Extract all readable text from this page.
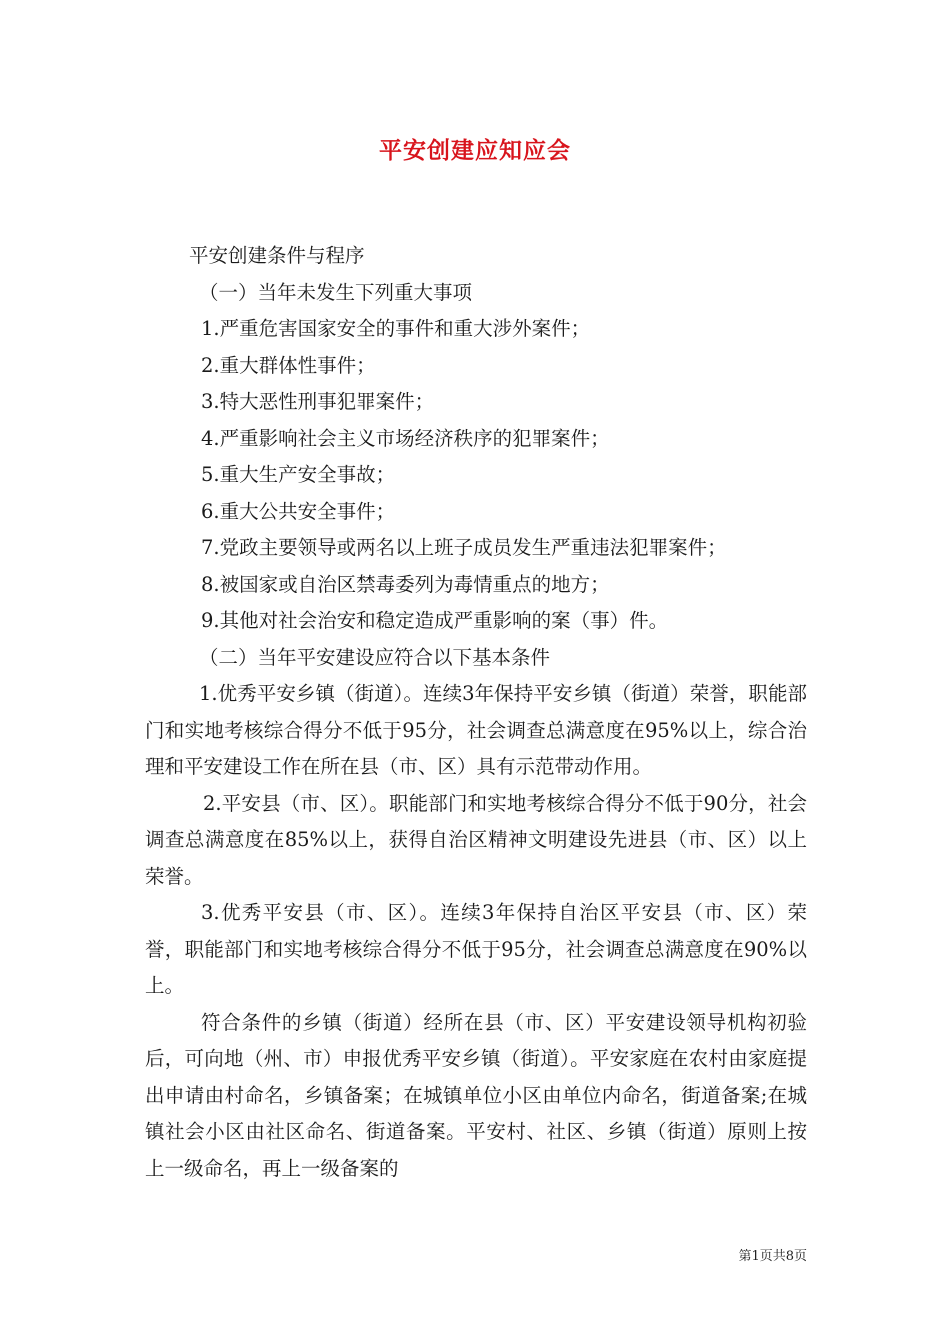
平安创建应知应会

平安创建条件与程序

（一）当年未发生下列重大事项

1.严重危害国家安全的事件和重大涉外案件；

2.重大群体性事件；

3.特大恶性刑事犯罪案件；

4.严重影响社会主义市场经济秩序的犯罪案件；

5.重大生产安全事故；

6.重大公共安全事件；

7.党政主要领导或两名以上班子成员发生严重违法犯罪案件；

8.被国家或自治区禁毒委列为毒情重点的地方；

9.其他对社会治安和稳定造成严重影响的案（事）件。

（二）当年平安建设应符合以下基本条件

1.优秀平安乡镇（街道）。连续3年保持平安乡镇（街道）荣誉，职能部门和实地考核综合得分不低于95分，社会调查总满意度在95%以上，综合治理和平安建设工作在所在县（市、区）具有示范带动作用。

2.平安县（市、区）。职能部门和实地考核综合得分不低于90分，社会调查总满意度在85%以上，获得自治区精神文明建设先进县（市、区）以上荣誉。

3.优秀平安县（市、区）。连续3年保持自治区平安县（市、区）荣誉，职能部门和实地考核综合得分不低于95分，社会调查总满意度在90%以上。

符合条件的乡镇（街道）经所在县（市、区）平安建设领导机构初验后，可向地（州、市）申报优秀平安乡镇（街道）。平安家庭在农村由家庭提出申请由村命名，乡镇备案；在城镇单位小区由单位内命名，街道备案;在城镇社会小区由社区命名、街道备案。平安村、社区、乡镇（街道）原则上按上一级命名，再上一级备案的

第1页共8页
